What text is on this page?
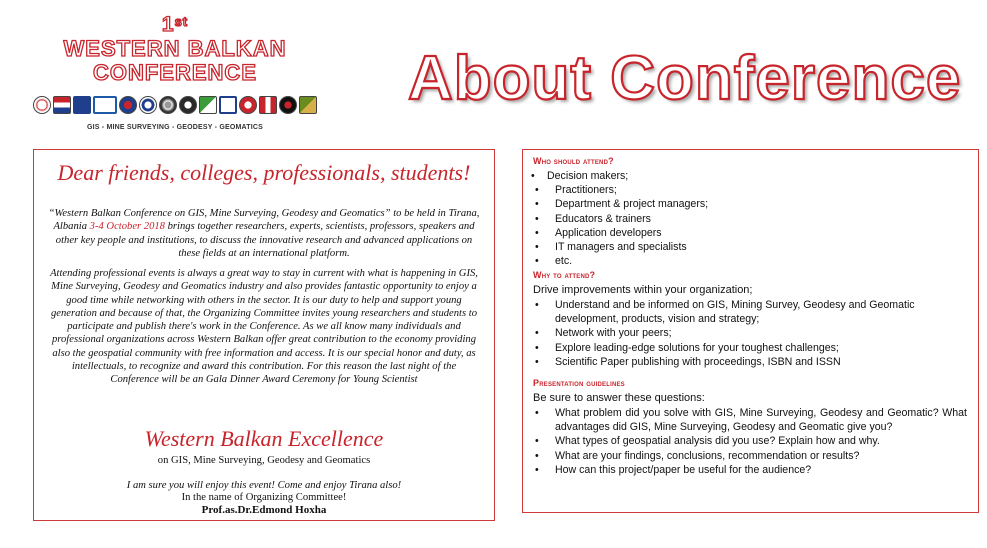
1st
WESTERN BALKAN
CONFERENCE
GIS - MINE SURVEYING - GEODESY - GEOMATICS
About Conference
Dear friends, colleges, professionals, students!

“Western Balkan Conference on GIS, Mine Surveying, Geodesy and Geomatics” to be held in Tirana, Albania 3-4 October 2018 brings together researchers, experts, scientists, professors, speakers and other key people and institutions, to discuss the innovative research and advanced applications on these fields at an international platform.

Attending professional events is always a great way to stay in current with what is happening in GIS, Mine Surveying, Geodesy and Geomatics industry and also provides fantastic opportunity to enjoy a good time while networking with others in the sector. It is our duty to help and support young generation and because of that, the Organizing Committee invites young researchers and students to participate and publish there's work in the Conference. As we all know many individuals and professional organizations across Western Balkan offer great contribution to the economy providing also the geospatial community with free information and access. It is our special honor and duty, as intellectuals, to recognize and award this contribution. For this reason the last night of the Conference will be an Gala Dinner Award Ceremony for Young Scientist

Western Balkan Excellence
on GIS, Mine Surveying, Geodesy and Geomatics
I am sure you will enjoy this event! Come and enjoy Tirana also!
In the name of Organizing Committee!
Prof.as.Dr.Edmond Hoxha
Who should attend?
• Decision makers;
• Practitioners;
• Department & project managers;
• Educators & trainers
• Application developers
• IT managers and specialists
• etc.
Why to attend?
Drive improvements within your organization;
• Understand and be informed on GIS, Mining Survey, Geodesy and Geomatic development, products, vision and strategy;
• Network with your peers;
• Explore leading-edge solutions for your toughest challenges;
• Scientific Paper publishing with proceedings, ISBN and ISSN
Presentation guidelines
Be sure to answer these questions:
• What problem did you solve with GIS, Mine Surveying, Geodesy and Geomatic? What advantages did GIS, Mine Surveying, Geodesy and Geomatic give you?
• What types of geospatial analysis did you use? Explain how and why.
• What are your findings, conclusions, recommendation or results?
• How can this project/paper be useful for the audience?
